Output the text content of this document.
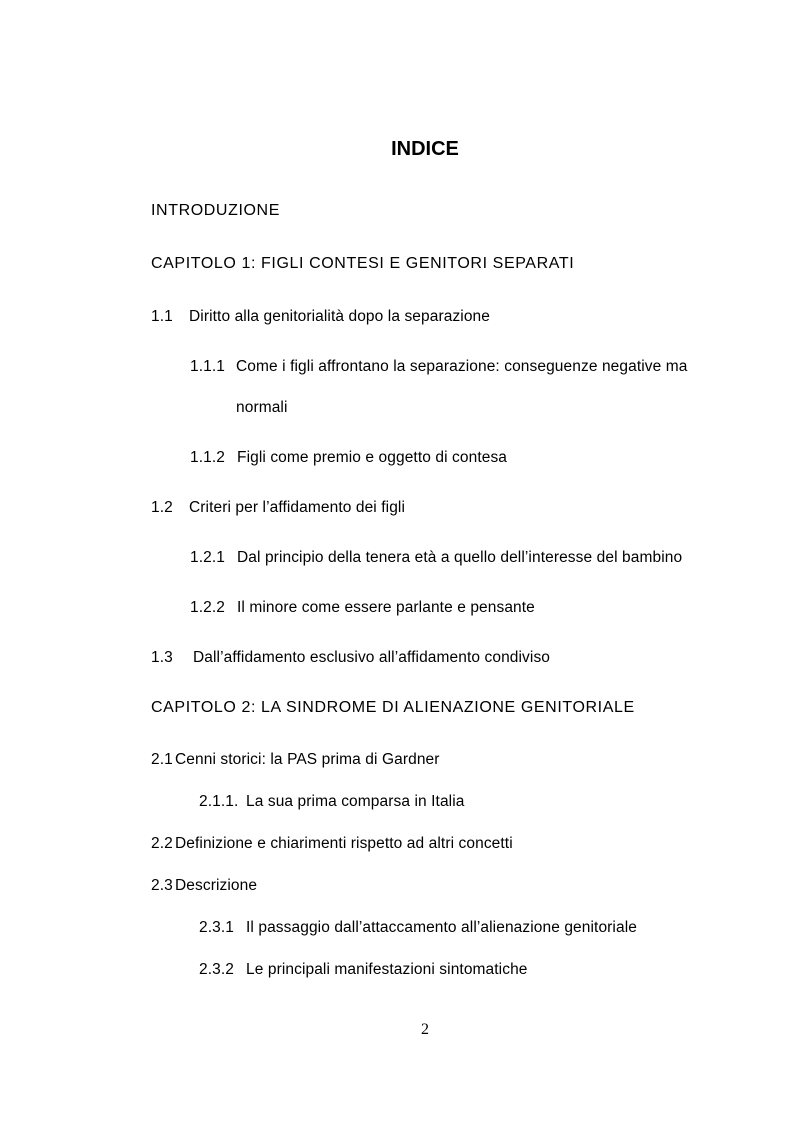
INDICE
INTRODUZIONE
CAPITOLO 1: FIGLI CONTESI E GENITORI SEPARATI
1.1 Diritto alla genitorialità dopo la separazione
1.1.1 Come i figli affrontano la separazione: conseguenze negative ma
normali
1.1.2 Figli come premio e oggetto di contesa
1.2 Criteri per l’affidamento dei figli
1.2.1 Dal principio della tenera età a quello dell’interesse del bambino
1.2.2 Il minore come essere parlante e pensante
1.3 Dall’affidamento esclusivo all’affidamento condiviso
CAPITOLO 2: LA SINDROME DI ALIENAZIONE GENITORIALE
2.1 Cenni storici: la PAS prima di Gardner
2.1.1. La sua prima comparsa in Italia
2.2 Definizione e chiarimenti rispetto ad altri concetti
2.3 Descrizione
2.3.1 Il passaggio dall’attaccamento all’alienazione genitoriale
2.3.2 Le principali manifestazioni sintomatiche
2
